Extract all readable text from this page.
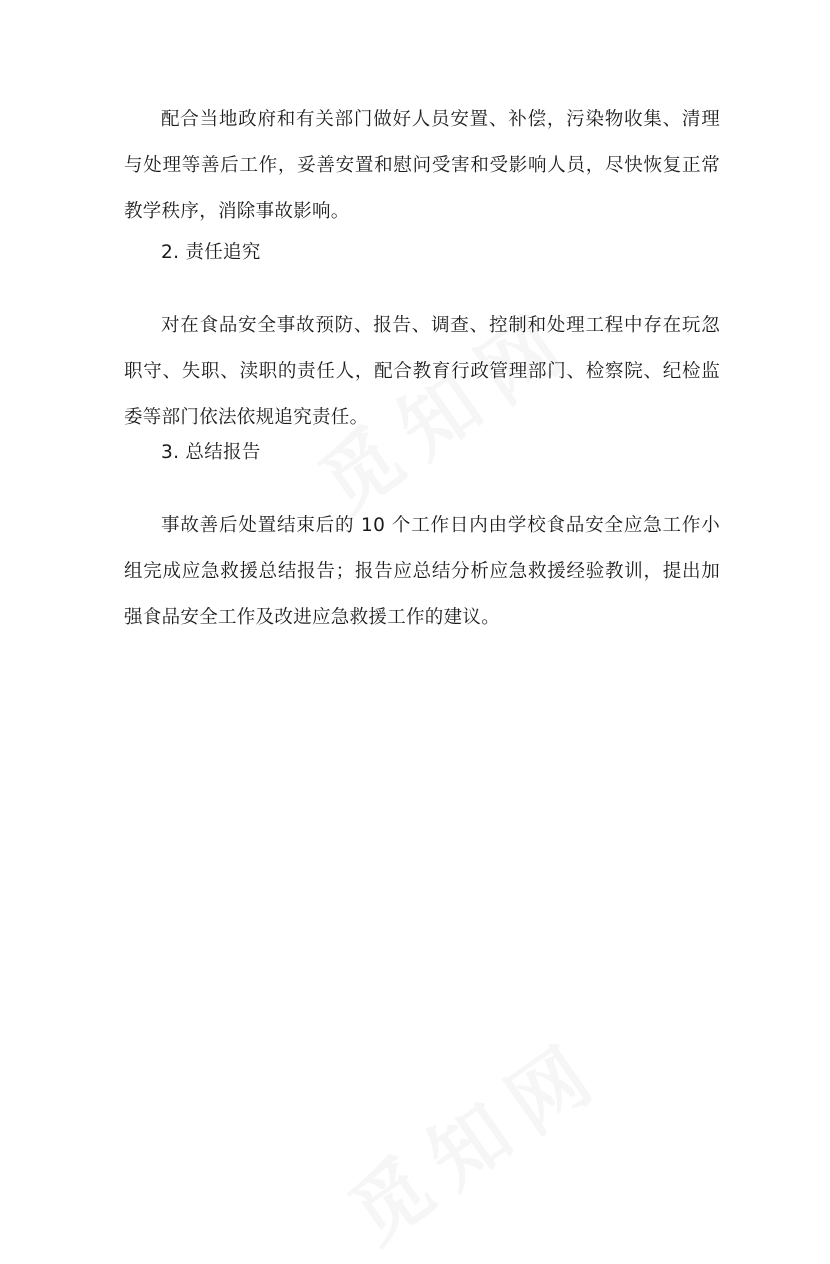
配合当地政府和有关部门做好人员安置、补偿，污染物收集、清理与处理等善后工作，妥善安置和慰问受害和受影响人员，尽快恢复正常教学秩序，消除事故影响。

2. 责任追究

对在食品安全事故预防、报告、调查、控制和处理工程中存在玩忽职守、失职、渎职的责任人，配合教育行政管理部门、检察院、纪检监委等部门依法依规追究责任。

3. 总结报告

事故善后处置结束后的 10 个工作日内由学校食品安全应急工作小组完成应急救援总结报告；报告应总结分析应急救援经验教训，提出加强食品安全工作及改进应急救援工作的建议。
